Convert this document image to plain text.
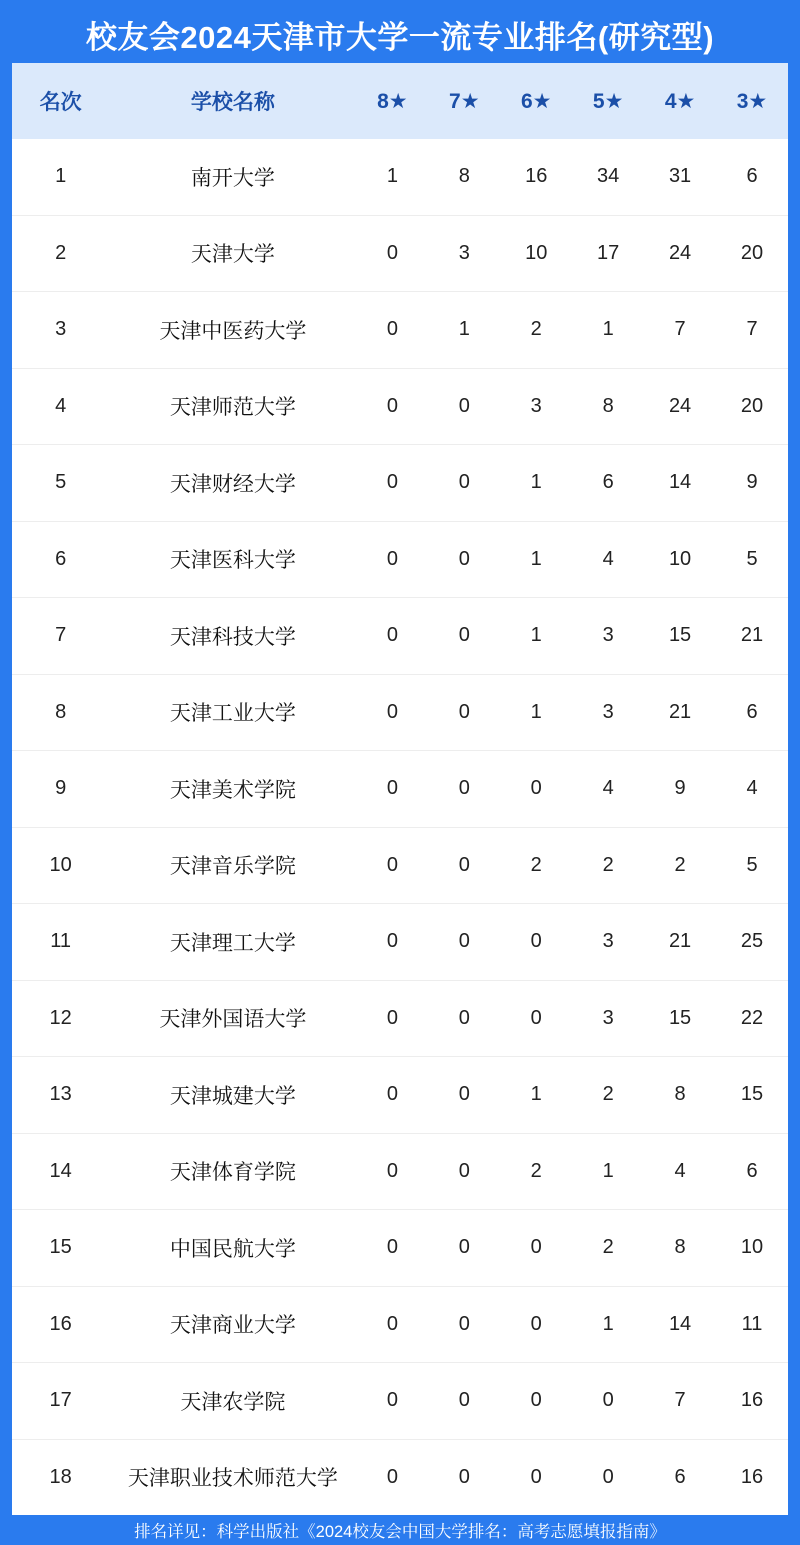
校友会2024天津市大学一流专业排名(研究型)
名次	学校名称	8★	7★	6★	5★	4★	3★
1	南开大学	1	8	16	34	31	6
2	天津大学	0	3	10	17	24	20
3	天津中医药大学	0	1	2	1	7	7
4	天津师范大学	0	0	3	8	24	20
5	天津财经大学	0	0	1	6	14	9
6	天津医科大学	0	0	1	4	10	5
7	天津科技大学	0	0	1	3	15	21
8	天津工业大学	0	0	1	3	21	6
9	天津美术学院	0	0	0	4	9	4
10	天津音乐学院	0	0	2	2	2	5
11	天津理工大学	0	0	0	3	21	25
12	天津外国语大学	0	0	0	3	15	22
13	天津城建大学	0	0	1	2	8	15
14	天津体育学院	0	0	2	1	4	6
15	中国民航大学	0	0	0	2	8	10
16	天津商业大学	0	0	0	1	14	11
17	天津农学院	0	0	0	0	7	16
18	天津职业技术师范大学	0	0	0	0	6	16
排名详见：科学出版社《2024校友会中国大学排名：高考志愿填报指南》
